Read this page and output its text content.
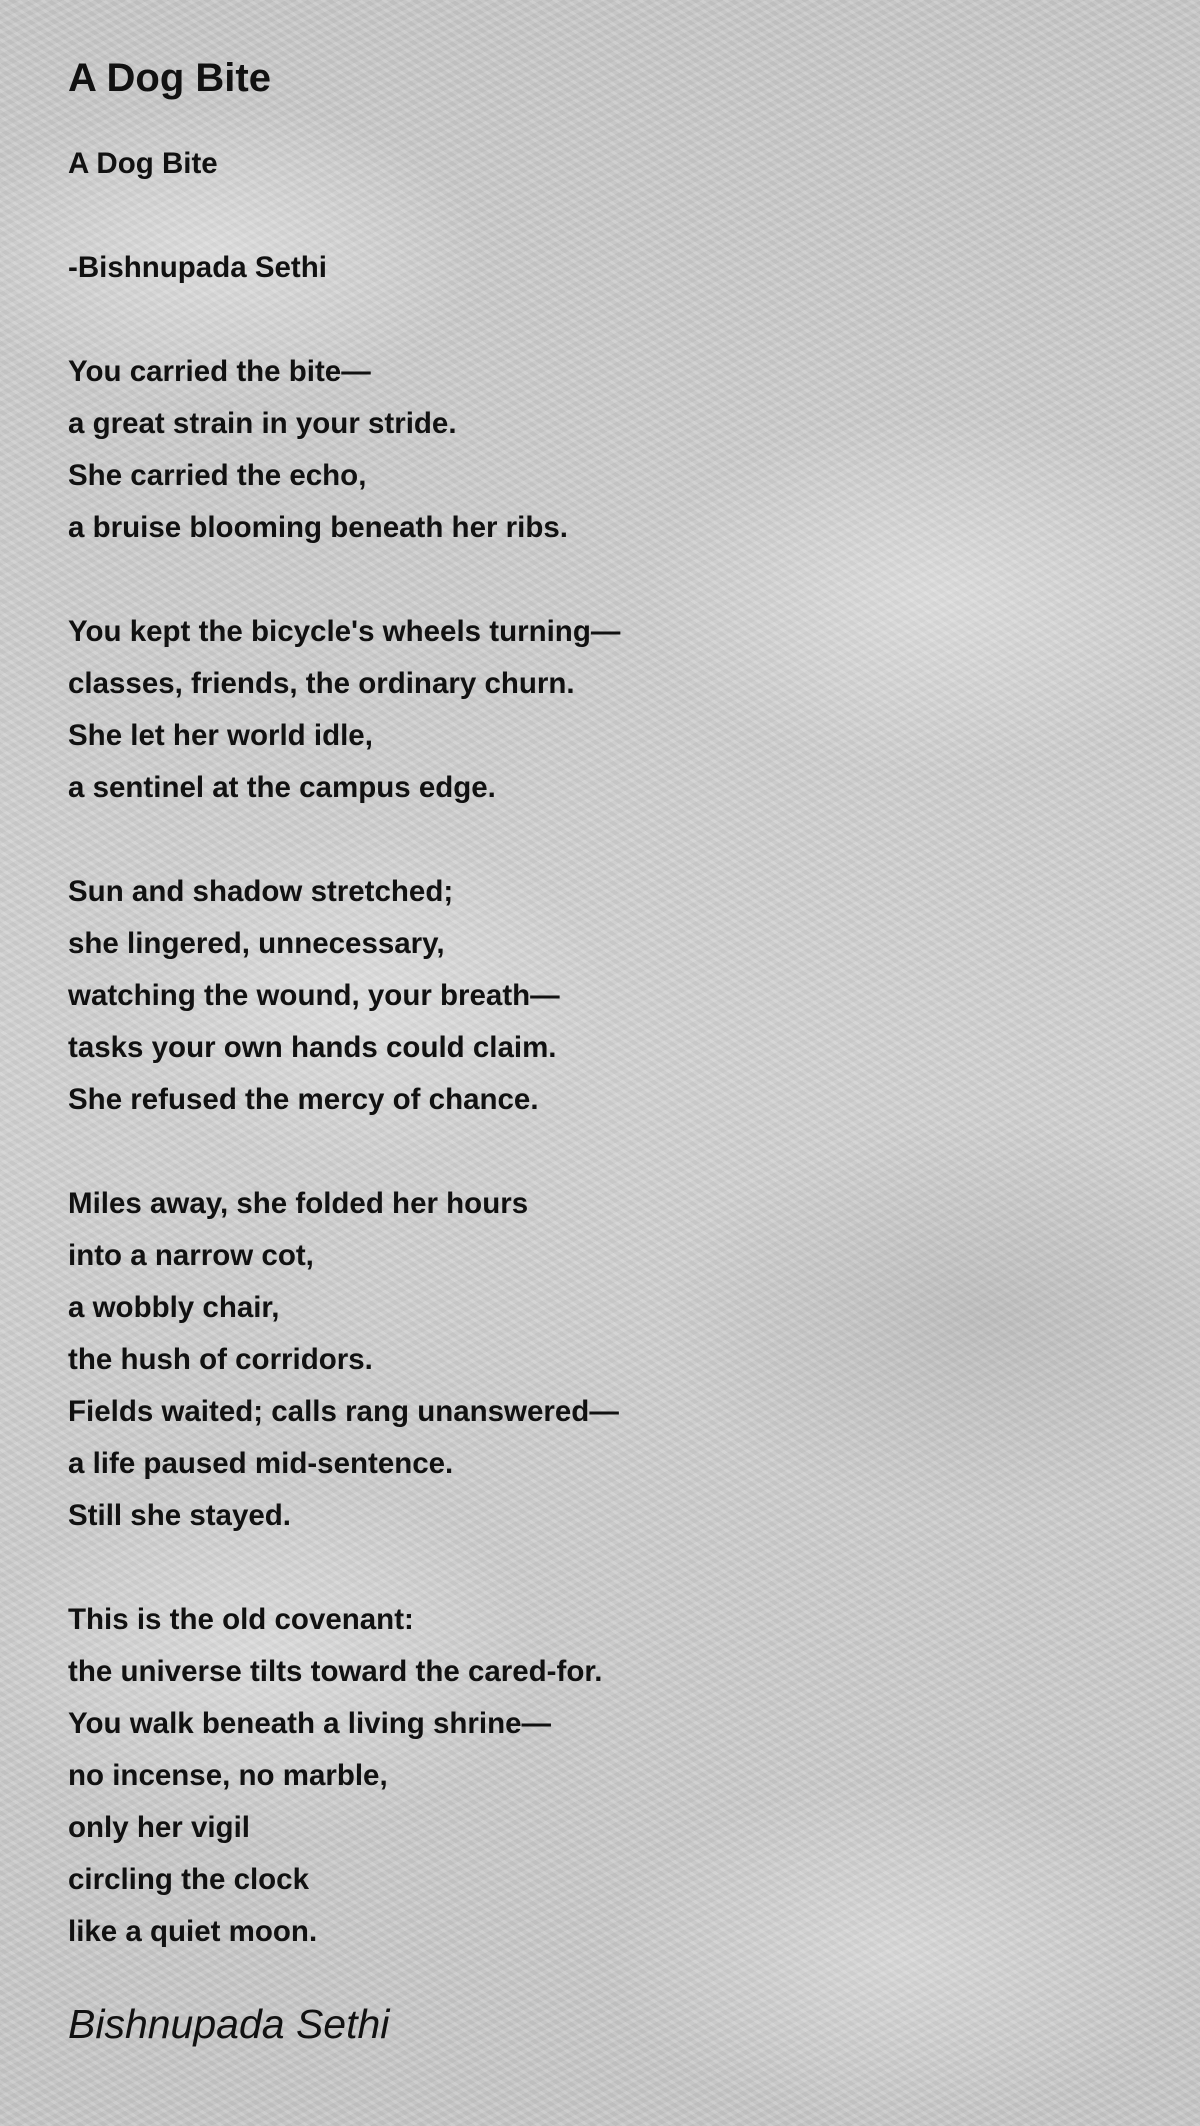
A Dog Bite
A Dog Bite
-Bishnupada Sethi
You carried the bite—
a great strain in your stride.
She carried the echo,
a bruise blooming beneath her ribs.
You kept the bicycle's wheels turning—
classes, friends, the ordinary churn.
She let her world idle,
a sentinel at the campus edge.
Sun and shadow stretched;
she lingered, unnecessary,
watching the wound, your breath—
tasks your own hands could claim.
She refused the mercy of chance.
Miles away, she folded her hours
into a narrow cot,
a wobbly chair,
the hush of corridors.
Fields waited; calls rang unanswered—
a life paused mid-sentence.
Still she stayed.
This is the old covenant:
the universe tilts toward the cared-for.
You walk beneath a living shrine—
no incense, no marble,
only her vigil
circling the clock
like a quiet moon.
Bishnupada Sethi
